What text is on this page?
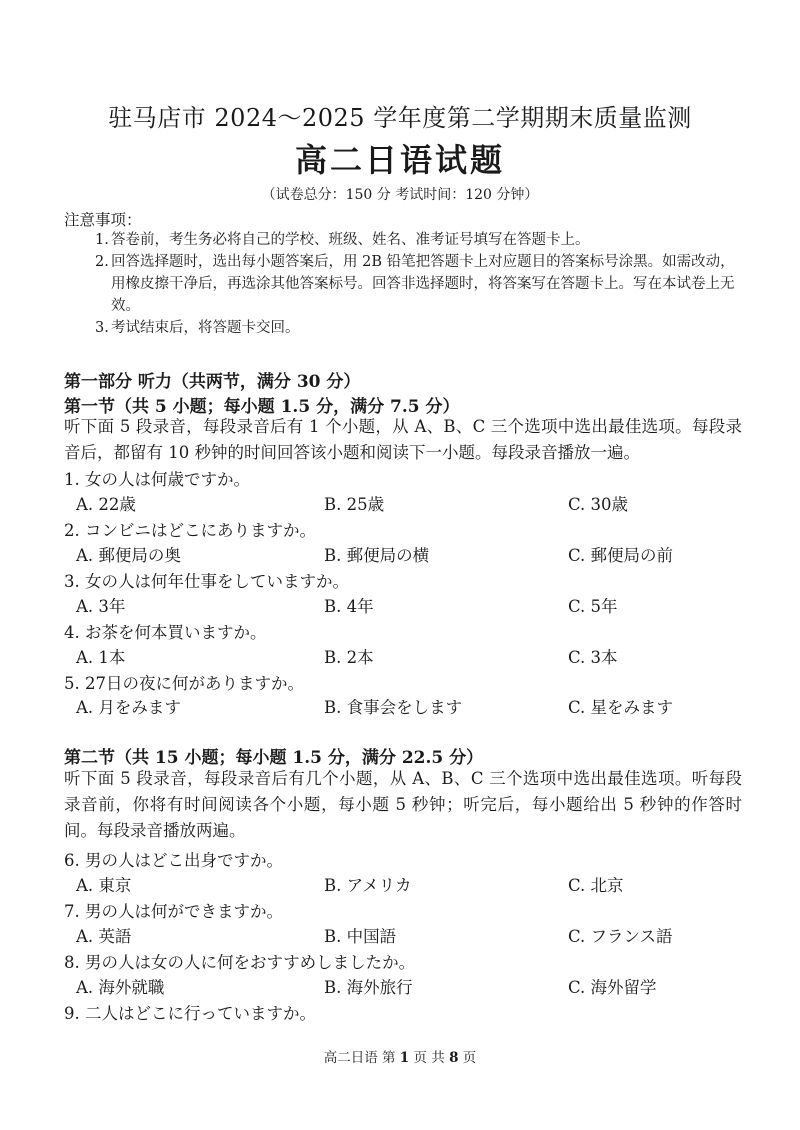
驻马店市 2024～2025 学年度第二学期期末质量监测
高二日语试题
（试卷总分：150 分 考试时间：120 分钟）
注意事项：
1. 答卷前，考生务必将自己的学校、班级、姓名、准考证号填写在答题卡上。
2. 回答选择题时，选出每小题答案后，用 2B 铅笔把答题卡上对应题目的答案标号涂黑。如需改动，用橡皮擦干净后，再选涂其他答案标号。回答非选择题时，将答案写在答题卡上。写在本试卷上无效。
3. 考试结束后，将答题卡交回。
第一部分 听力（共两节，满分 30 分）
第一节（共 5 小题；每小题 1.5 分，满分 7.5 分）
听下面 5 段录音，每段录音后有 1 个小题，从 A、B、C 三个选项中选出最佳选项。每段录音后，都留有 10 秒钟的时间回答该小题和阅读下一小题。每段录音播放一遍。
1. 女の人は何歳ですか。
A. 22歳	B. 25歳	C. 30歳
2. コンビニはどこにありますか。
A. 郵便局の奥	B. 郵便局の横	C. 郵便局の前
3. 女の人は何年仕事をしていますか。
A. 3年	B. 4年	C. 5年
4. お茶を何本買いますか。
A. 1本	B. 2本	C. 3本
5. 27日の夜に何がありますか。
A. 月をみます	B. 食事会をします	C. 星をみます
第二节（共 15 小题；每小题 1.5 分，满分 22.5 分）
听下面 5 段录音，每段录音后有几个小题，从 A、B、C 三个选项中选出最佳选项。听每段录音前，你将有时间阅读各个小题，每小题 5 秒钟；听完后，每小题给出 5 秒钟的作答时间。每段录音播放两遍。
6. 男の人はどこ出身ですか。
A. 東京	B. アメリカ	C. 北京
7. 男の人は何ができますか。
A. 英語	B. 中国語	C. フランス語
8. 男の人は女の人に何をおすすめしましたか。
A. 海外就職	B. 海外旅行	C. 海外留学
9. 二人はどこに行っていますか。
高二日语 第 1 页 共 8 页
